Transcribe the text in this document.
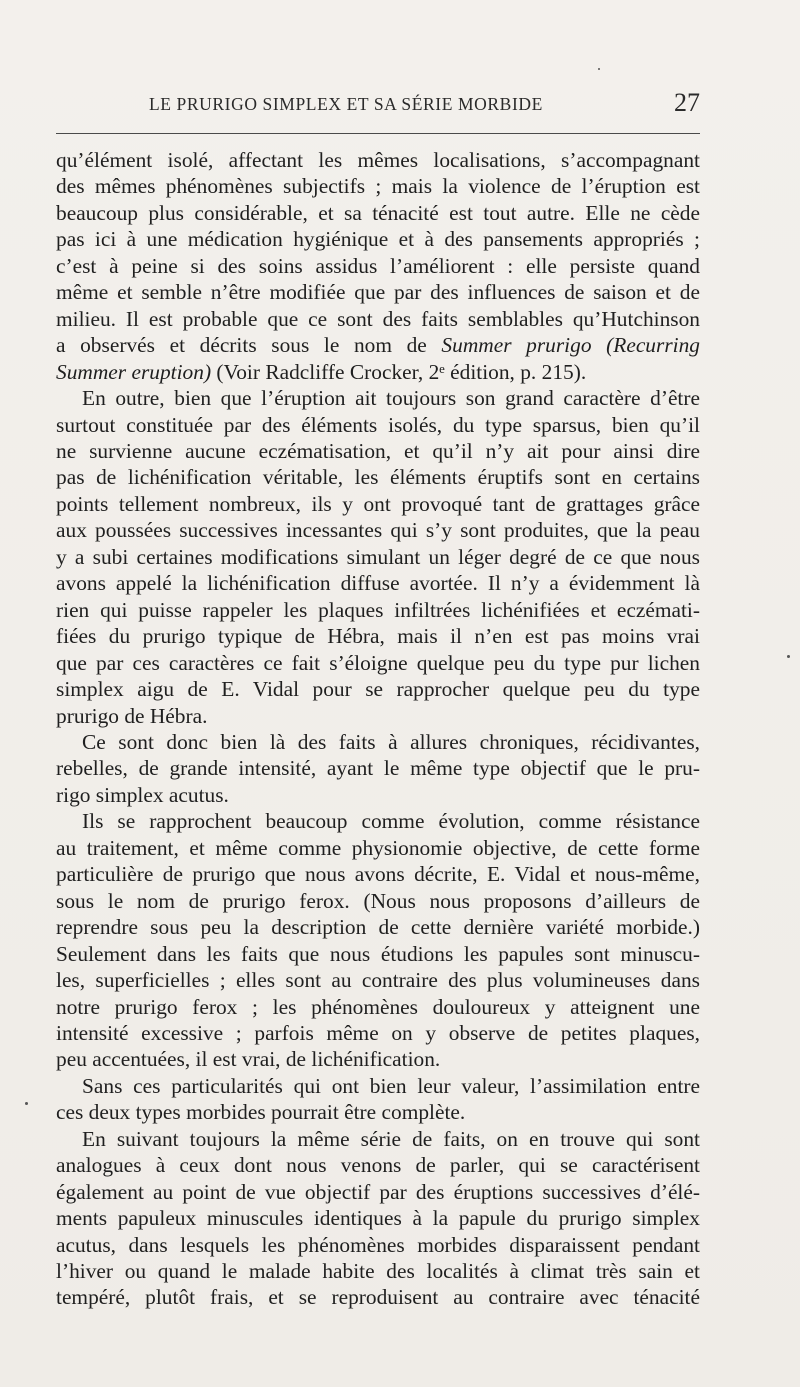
LE PRURIGO SIMPLEX ET SA SÉRIE MORBIDE	27
qu’élément isolé, affectant les mêmes localisations, s’accompagnant
des mêmes phénomènes subjectifs ; mais la violence de l’éruption est
beaucoup plus considérable, et sa ténacité est tout autre. Elle ne cède
pas ici à une médication hygiénique et à des pansements appropriés ;
c’est à peine si des soins assidus l’améliorent : elle persiste quand
même et semble n’être modifiée que par des influences de saison et de
milieu. Il est probable que ce sont des faits semblables qu’Hutchinson
a observés et décrits sous le nom de Summer prurigo (Recurring
Summer eruption) (Voir Radcliffe Crocker, 2ᵉ édition, p. 215).
En outre, bien que l’éruption ait toujours son grand caractère d’être
surtout constituée par des éléments isolés, du type sparsus, bien qu’il
ne survienne aucune eczématisation, et qu’il n’y ait pour ainsi dire
pas de lichénification véritable, les éléments éruptifs sont en certains
points tellement nombreux, ils y ont provoqué tant de grattages grâce
aux poussées successives incessantes qui s’y sont produites, que la peau
y a subi certaines modifications simulant un léger degré de ce que nous
avons appelé la lichénification diffuse avortée. Il n’y a évidemment là
rien qui puisse rappeler les plaques infiltrées lichénifiées et eczémati-
fiées du prurigo typique de Hébra, mais il n’en est pas moins vrai
que par ces caractères ce fait s’éloigne quelque peu du type pur lichen
simplex aigu de E. Vidal pour se rapprocher quelque peu du type
prurigo de Hébra.
Ce sont donc bien là des faits à allures chroniques, récidivantes,
rebelles, de grande intensité, ayant le même type objectif que le pru-
rigo simplex acutus.
Ils se rapprochent beaucoup comme évolution, comme résistance
au traitement, et même comme physionomie objective, de cette forme
particulière de prurigo que nous avons décrite, E. Vidal et nous-même,
sous le nom de prurigo ferox. (Nous nous proposons d’ailleurs de
reprendre sous peu la description de cette dernière variété morbide.)
Seulement dans les faits que nous étudions les papules sont minuscu-
les, superficielles ; elles sont au contraire des plus volumineuses dans
notre prurigo ferox ; les phénomènes douloureux y atteignent une
intensité excessive ; parfois même on y observe de petites plaques,
peu accentuées, il est vrai, de lichénification.
Sans ces particularités qui ont bien leur valeur, l’assimilation entre
ces deux types morbides pourrait être complète.
En suivant toujours la même série de faits, on en trouve qui sont
analogues à ceux dont nous venons de parler, qui se caractérisent
également au point de vue objectif par des éruptions successives d’élé-
ments papuleux minuscules identiques à la papule du prurigo simplex
acutus, dans lesquels les phénomènes morbides disparaissent pendant
l’hiver ou quand le malade habite des localités à climat très sain et
tempéré, plutôt frais, et se reproduisent au contraire avec ténacité
